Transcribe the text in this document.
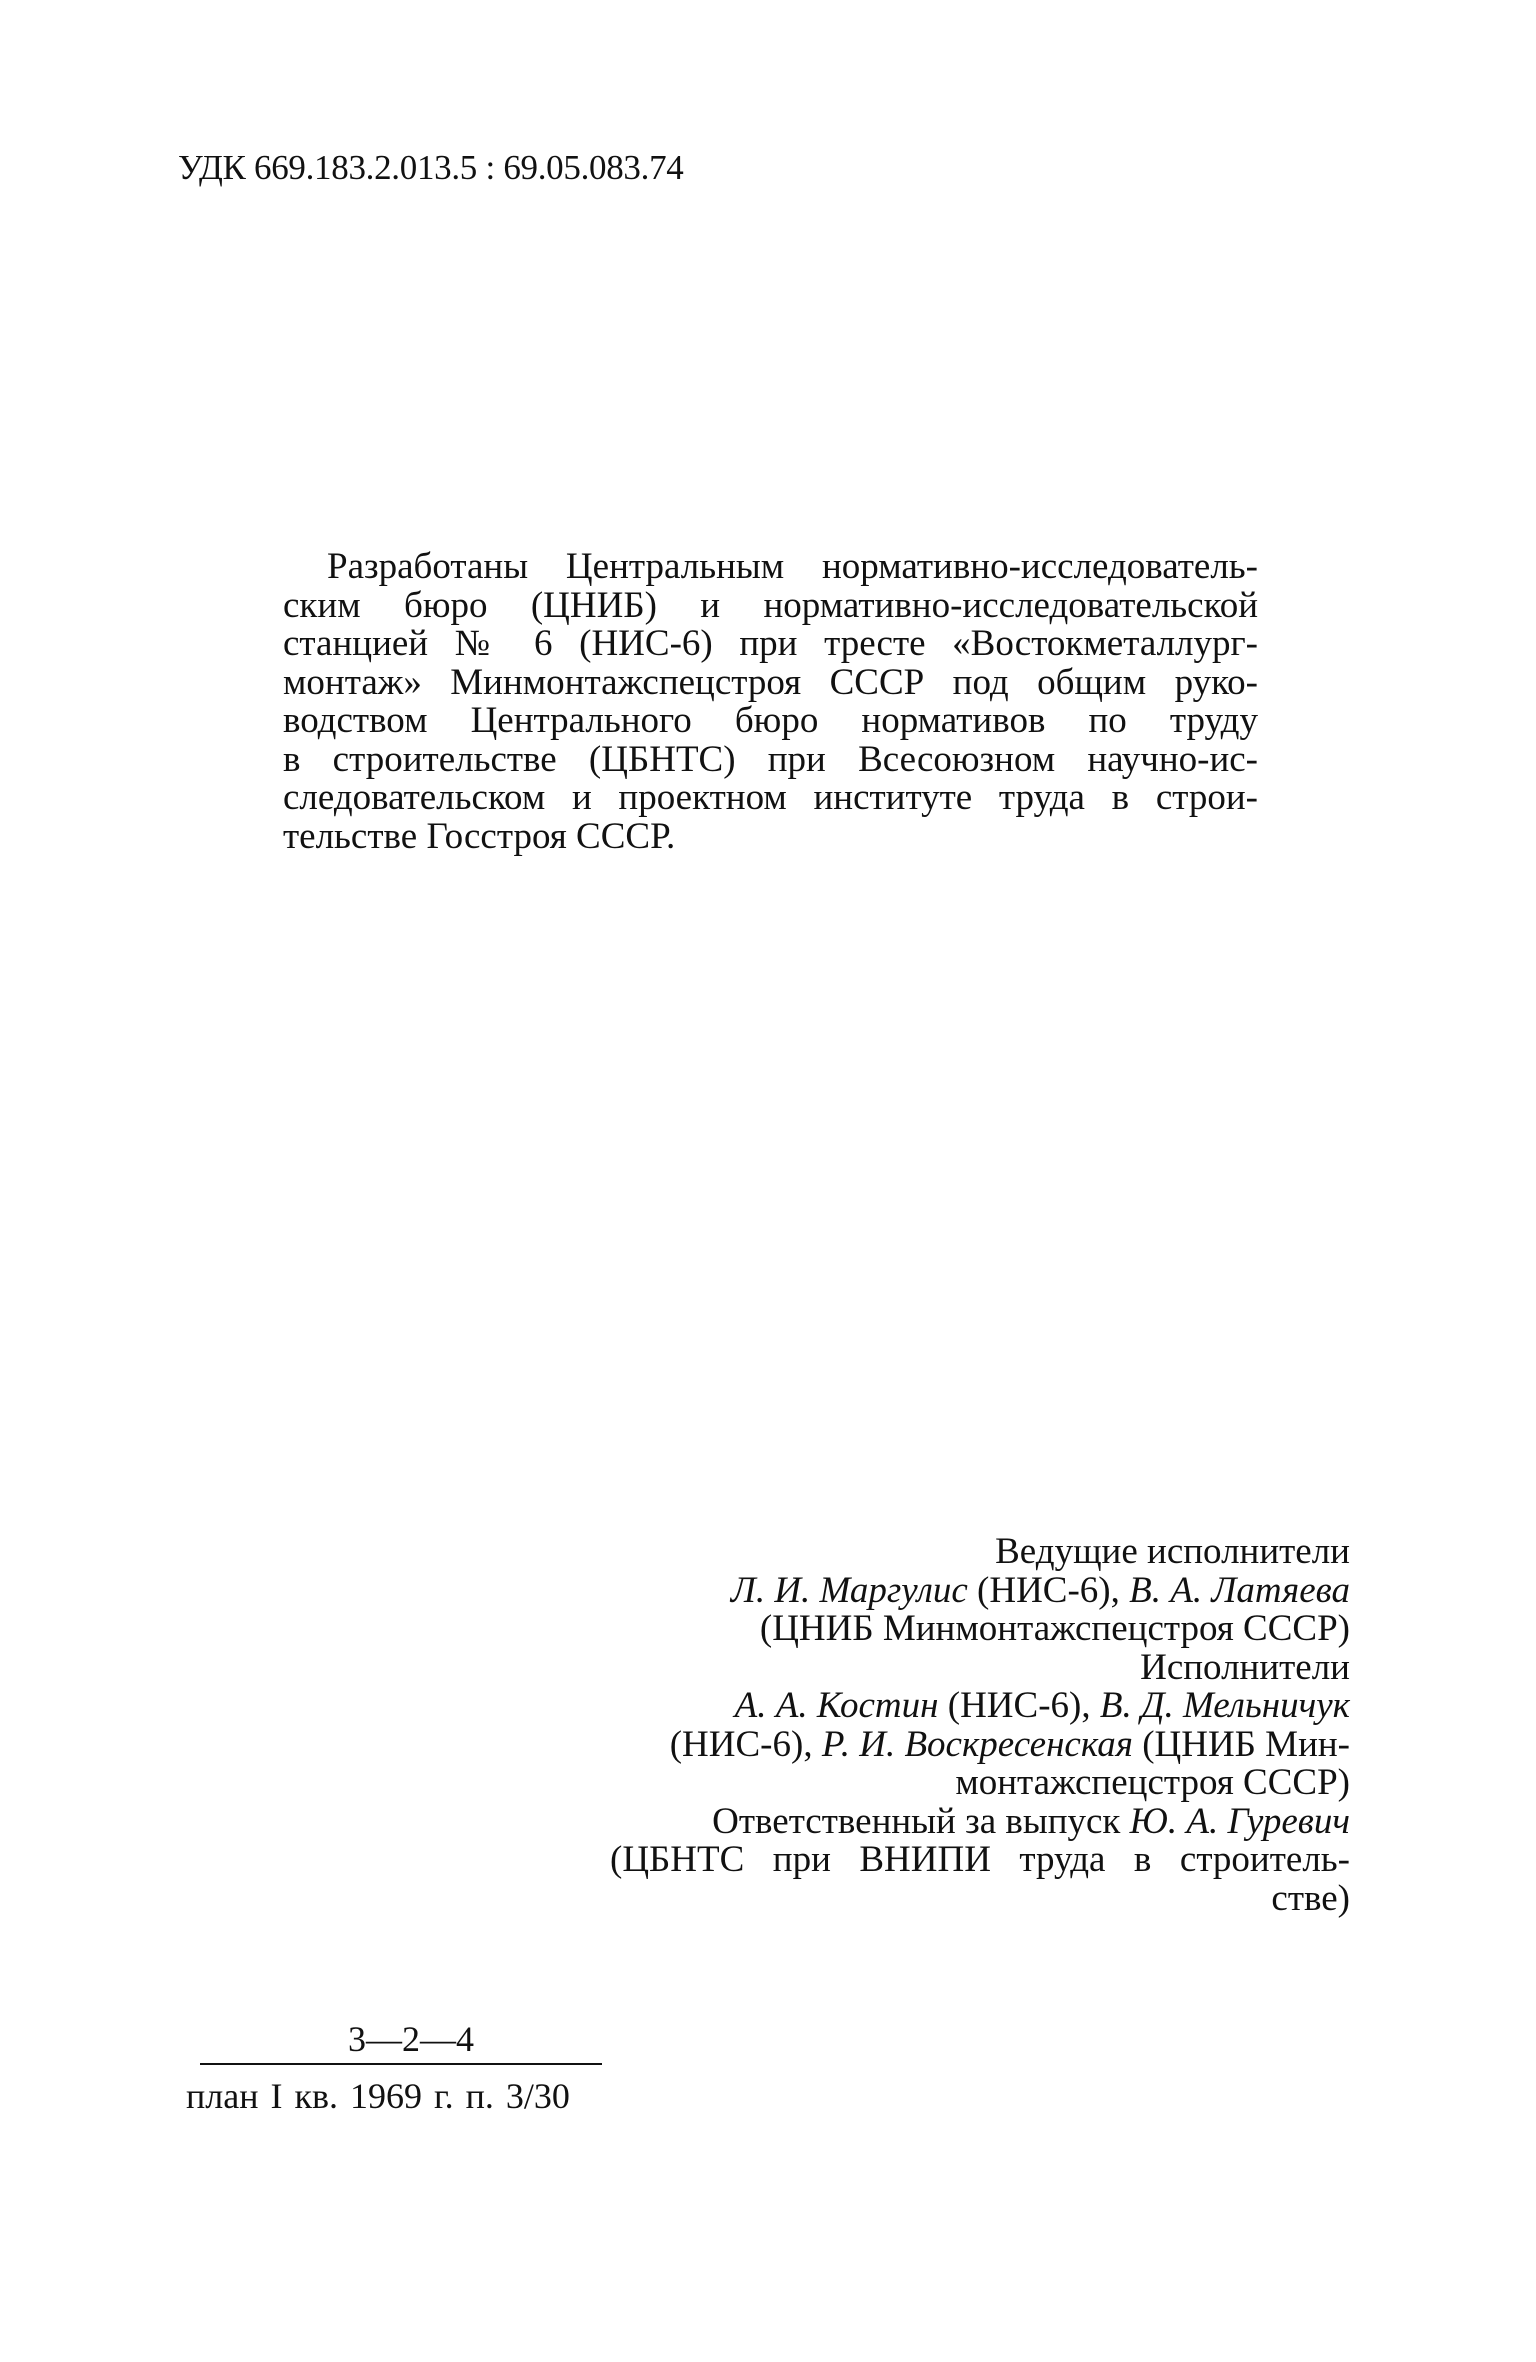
УДК 669.183.2.013.5 : 69.05.083.74
Разработаны Центральным нормативно-исследователь-
ским бюро (ЦНИБ) и нормативно-исследовательской
станцией № 6 (НИС-6) при тресте «Востокметаллург-
монтаж» Минмонтажспецстроя СССР под общим руко-
водством Центрального бюро нормативов по труду
в строительстве (ЦБНТС) при Всесоюзном научно-ис-
следовательском и проектном институте труда в строи-
тельстве Госстроя СССР.
Ведущие исполнители
Л. И. Маргулис (НИС-6), В. А. Латяева
(ЦНИБ Минмонтажспецстроя СССР)
Исполнители
А. А. Костин (НИС-6), В. Д. Мельничук
(НИС-6), Р. И. Воскресенская (ЦНИБ Мин-
монтажспецстроя СССР)
Ответственный за выпуск Ю. А. Гуревич
(ЦБНТС при ВНИПИ труда в строитель-
стве)
3—2—4
план I кв. 1969 г. п. 3/30
